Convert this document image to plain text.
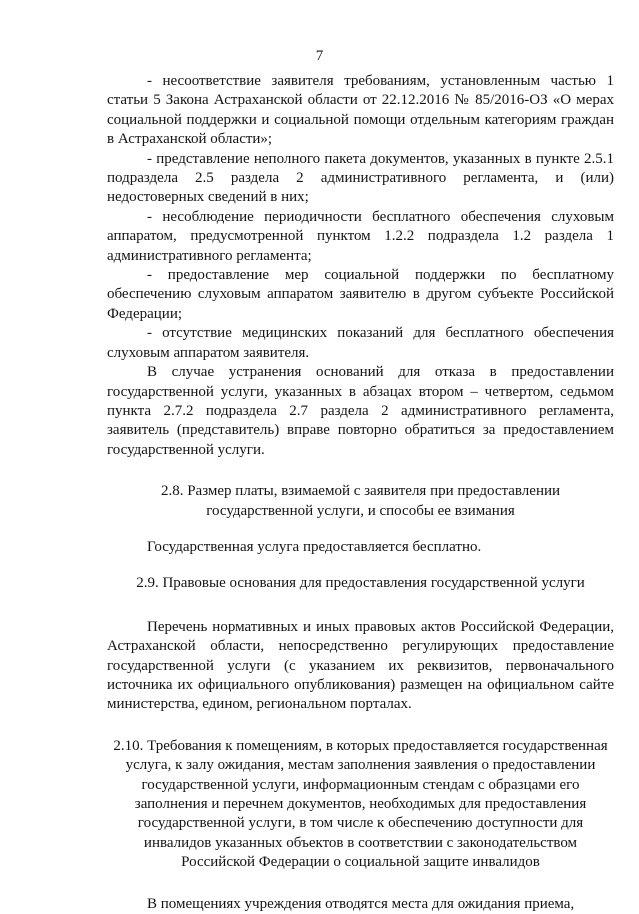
7

- несоответствие заявителя требованиям, установленным частью 1 статьи 5 Закона Астраханской области от 22.12.2016 № 85/2016-ОЗ «О мерах социальной поддержки и социальной помощи отдельным категориям граждан в Астраханской области»;

- представление неполного пакета документов, указанных в пункте 2.5.1 подраздела 2.5 раздела 2 административного регламента, и (или) недостоверных сведений в них;

- несоблюдение периодичности бесплатного обеспечения слуховым аппаратом, предусмотренной пунктом 1.2.2 подраздела 1.2 раздела 1 административного регламента;

- предоставление мер социальной поддержки по бесплатному обеспечению слуховым аппаратом заявителю в другом субъекте Российской Федерации;

- отсутствие медицинских показаний для бесплатного обеспечения слуховым аппаратом заявителя.

В случае устранения оснований для отказа в предоставлении государственной услуги, указанных в абзацах втором – четвертом, седьмом пункта 2.7.2 подраздела 2.7 раздела 2 административного регламента, заявитель (представитель) вправе повторно обратиться за предоставлением государственной услуги.

2.8. Размер платы, взимаемой с заявителя при предоставлении
государственной услуги, и способы ее взимания

Государственная услуга предоставляется бесплатно.

2.9. Правовые основания для предоставления государственной услуги

Перечень нормативных и иных правовых актов Российской Федерации, Астраханской области, непосредственно регулирующих предоставление государственной услуги (с указанием их реквизитов, первоначального источника их официального опубликования) размещен на официальном сайте министерства, едином, региональном порталах.

2.10. Требования к помещениям, в которых предоставляется государственная
услуга, к залу ожидания, местам заполнения заявления о предоставлении
государственной услуги, информационным стендам с образцами его
заполнения и перечнем документов, необходимых для предоставления
государственной услуги, в том числе к обеспечению доступности для
инвалидов указанных объектов в соответствии с законодательством
Российской Федерации о социальной защите инвалидов

В помещениях учреждения отводятся места для ожидания приема,
